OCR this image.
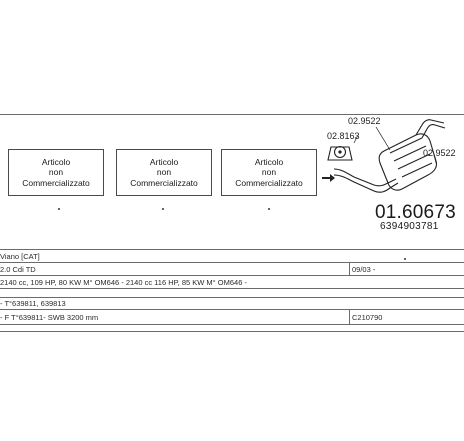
Articolo
non
Commercializzato
Articolo
non
Commercializzato
Articolo
non
Commercializzato
02.9522
02.8163
02.9522
01.60673
6394903781
Viano [CAT]
2.0 Cdi TD	09/03 -
2140 cc, 109 HP, 80 KW M° OM646 - 2140 cc 116 HP, 85 KW M° OM646 -
- T°639811, 639813
- F T°639811- SWB 3200 mm	C210790
